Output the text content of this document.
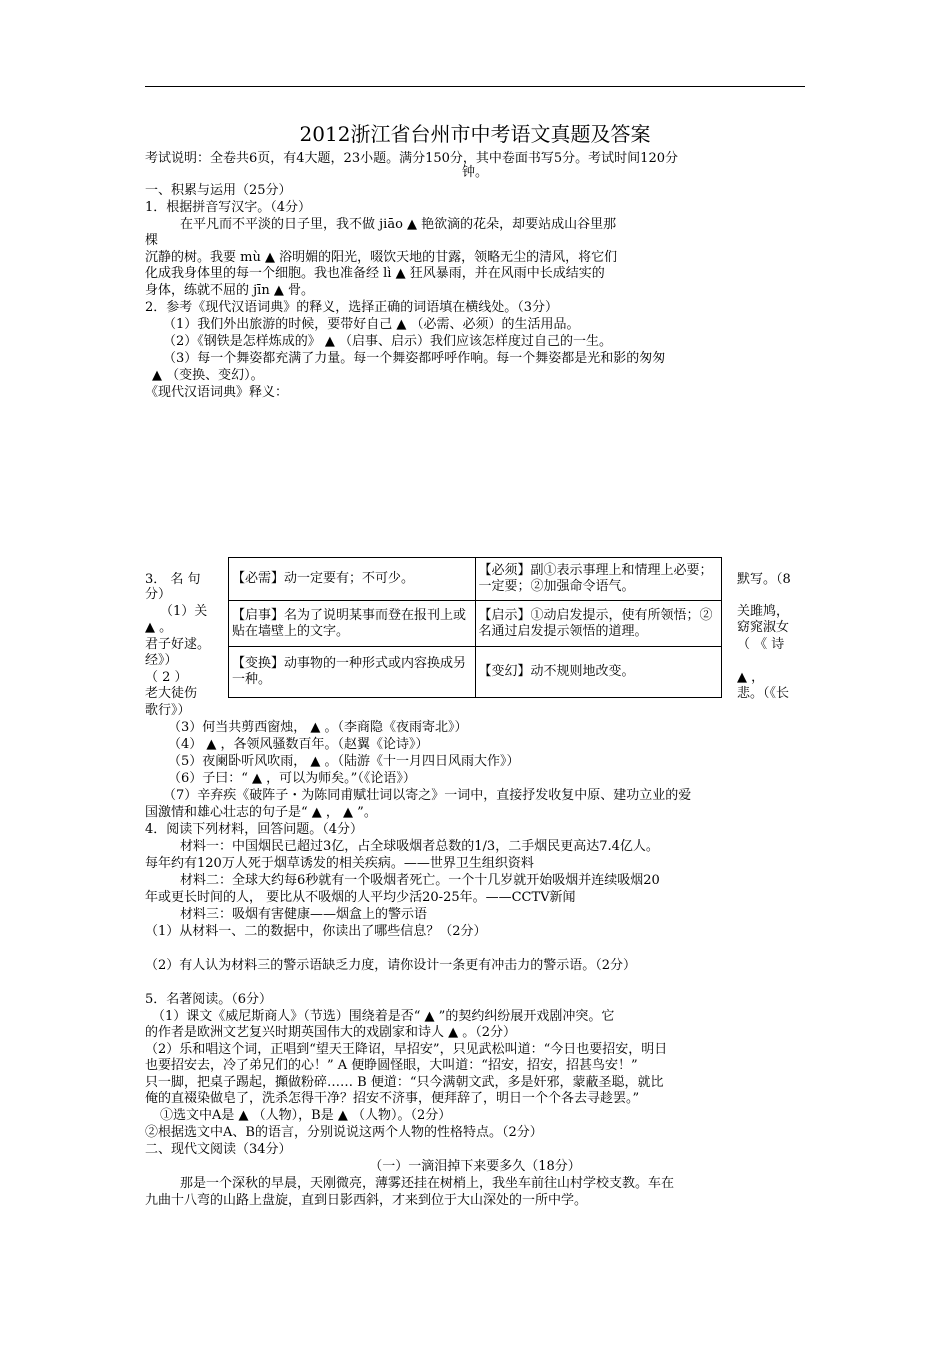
2012浙江省台州市中考语文真题及答案
考试说明：全卷共6页，有4大题，23小题。满分150分，其中卷面书写5分。考试时间120分
钟。
一、积累与运用（25分）
1．根据拼音写汉字。（4分）
在平凡而不平淡的日子里，我不做 jiāo ▲ 艳欲滴的花朵，却要站成山谷里那
棵
沉静的树。我要 mù ▲ 浴明媚的阳光，啜饮天地的甘露，领略无尘的清风，将它们
化成我身体里的每一个细胞。我也准备经 lì ▲ 狂风暴雨，并在风雨中长成结实的
身体，练就不屈的 jīn ▲ 骨。
2．参考《现代汉语词典》的释义，选择正确的词语填在横线处。（3分）
（1）我们外出旅游的时候，要带好自己 ▲ （必需、必须）的生活用品。
（2）《钢铁是怎样炼成的》 ▲ （启事、启示）我们应该怎样度过自己的一生。
（3）每一个舞姿都充满了力量。每一个舞姿都呼呼作响。每一个舞姿都是光和影的匆匆
▲ （变换、变幻）。
《现代汉语词典》释义：
3． 名 句
分）
（1）关
▲ 。
君子好逑。
经》）
（ 2 ）
老大徒伤
歌行》）
默写。（8
关雎鸠，
窈窕淑女
（ 《 诗
▲ ，
悲。（《长
【必需】动一定要有；不可少。	【必须】副①表示事理上和情理上必要；一定要；②加强命令语气。
【启事】名为了说明某事而登在报刊上或贴在墙壁上的文字。	【启示】①动启发提示，使有所领悟；②名通过启发提示领悟的道理。
【变换】动事物的一种形式或内容换成另一种。	【变幻】动不规则地改变。
（3）何当共剪西窗烛， ▲ 。（李商隐《夜雨寄北》）
（4） ▲ ，各领风骚数百年。（赵翼《论诗》）
（5）夜阑卧听风吹雨， ▲ 。（陆游《十一月四日风雨大作》）
（6）子曰：“ ▲ ，可以为师矣。”（《论语》）
（7）辛弃疾《破阵子・为陈同甫赋壮词以寄之》一词中，直接抒发收复中原、建功立业的爱
国激情和雄心壮志的句子是“ ▲ ， ▲ ”。
4．阅读下列材料，回答问题。（4分）
材料一：中国烟民已超过3亿，占全球吸烟者总数的1/3，二手烟民更高达7.4亿人。
每年约有120万人死于烟草诱发的相关疾病。——世界卫生组织资料
材料二：全球大约每6秒就有一个吸烟者死亡。一个十几岁就开始吸烟并连续吸烟20
年或更长时间的人， 要比从不吸烟的人平均少活20-25年。——CCTV新闻
材料三：吸烟有害健康——烟盒上的警示语
（1）从材料一、二的数据中，你读出了哪些信息？（2分）
（2）有人认为材料三的警示语缺乏力度，请你设计一条更有冲击力的警示语。（2分）
5．名著阅读。（6分）
（1）课文《威尼斯商人》（节选）围绕着是否“ ▲ ”的契约纠纷展开戏剧冲突。它
的作者是欧洲文艺复兴时期英国伟大的戏剧家和诗人 ▲ 。（2分）
（2）乐和唱这个词，正唱到“望天王降诏，早招安”，只见武松叫道：“今日也要招安，明日
也要招安去，冷了弟兄们的心！” A 便睁圆怪眼，大叫道：“招安，招安，招甚鸟安！”
只一脚，把桌子踢起，攧做粉碎…… B 便道：“只今满朝文武，多是奸邪，蒙蔽圣聪，就比
俺的直裰染做皂了，洗杀怎得干净？招安不济事，便拜辞了，明日一个个各去寻趁罢。”
①选文中A是 ▲ （人物），B是 ▲ （人物）。（2分）
②根据选文中A、B的语言，分别说说这两个人物的性格特点。（2分）
二、现代文阅读（34分）
（一）一滴泪掉下来要多久（18分）
那是一个深秋的早晨，天刚微亮，薄雾还挂在树梢上，我坐车前往山村学校支教。车在
九曲十八弯的山路上盘旋，直到日影西斜，才来到位于大山深处的一所中学。
